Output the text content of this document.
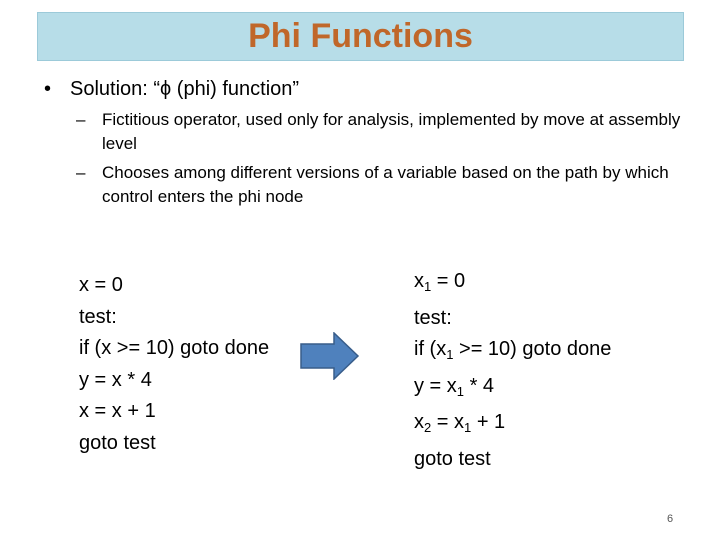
Phi Functions
• Solution: “ϕ (phi) function”
– Fictitious operator, used only for analysis, implemented by move at assembly level
– Chooses among different versions of a variable based on the path by which control enters the phi node
x = 0
test:
if (x >= 10) goto done
y = x * 4
x = x + 1
goto test
$x_1 = 0$
test:
if $(x_1 >= 10)$ goto done
$y = x_1 * 4$
$x_2 = x_1 + 1$
goto test
6
